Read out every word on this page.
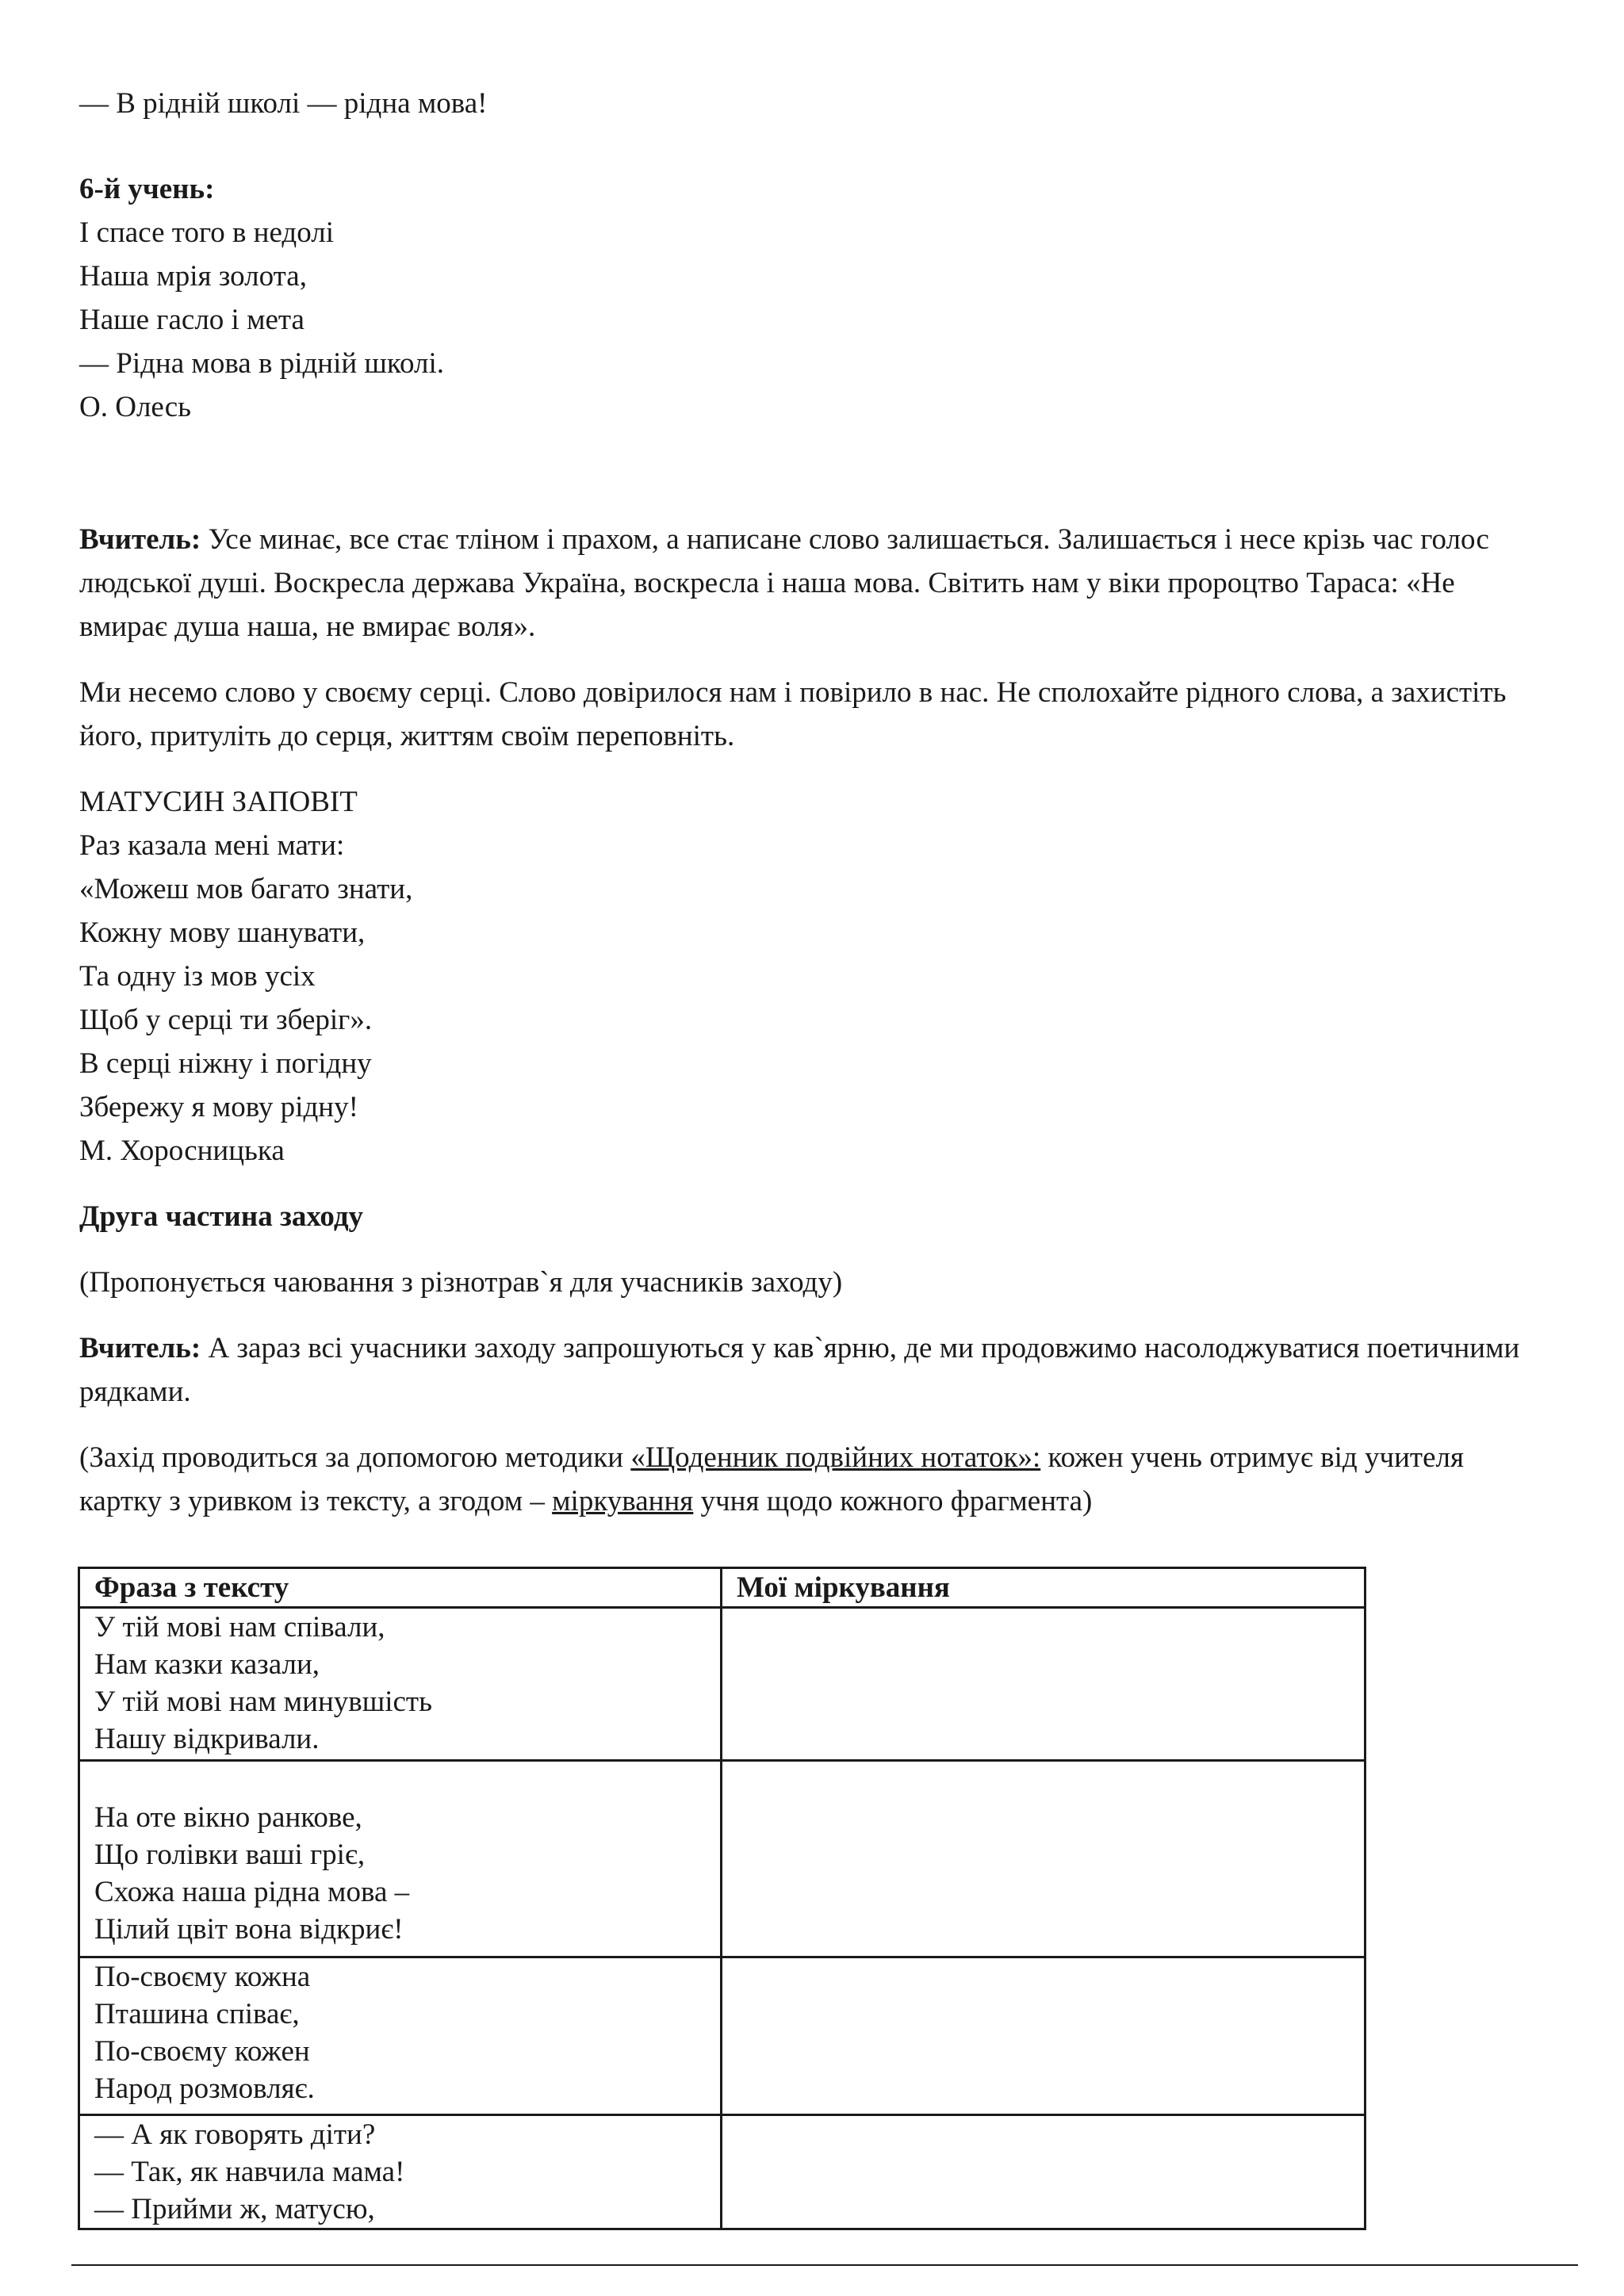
— В рідній школі — рідна мова!

6-й учень:

І спасе того в недолі

Наша мрія золота,

Наше гасло і мета

— Рідна мова в рідній школі.

О. Олесь

Вчитель: Усе минає, все стає тліном і прахом, а написане слово залишається. Залишається і несе крізь час голос людської душі. Воскресла держава Україна, воскресла і наша мова. Світить нам у віки пророцтво Тараса: «Не вмирає душа наша, не вмирає воля».

Ми несемо слово у своєму серці. Слово довірилося нам і повірило в нас. Не сполохайте рідного слова, а захистіть його, притуліть до серця, життям своїм переповніть.

МАТУСИН ЗАПОВІТ

Раз казала мені мати:

«Можеш мов багато знати,

Кожну мову шанувати,

Та одну із мов усіх

Щоб у серці ти зберіг».

В серці ніжну і погідну

Збережу я мову рідну!

М. Хоросницька

Друга частина заходу

(Пропонується чаювання з різнотрав`я для учасників заходу)

Вчитель: А зараз всі учасники заходу запрошуються у кав`ярню, де ми продовжимо насолоджуватися поетичними рядками.

(Захід проводиться за допомогою методики «Щоденник подвійних нотаток»: кожен учень отримує від учителя картку з уривком із тексту, а згодом – міркування учня щодо кожного фрагмента)

Фраза з тексту	Мої міркування

У тій мові нам співали,
Нам казки казали,
У тій мові нам минувшість
Нашу відкривали.	

На оте вікно ранкове,
Що голівки ваші гріє,
Схожа наша рідна мова –
Цілий цвіт вона відкриє!	

По-своєму кожна
Пташина співає,
По-своєму кожен
Народ розмовляє.	

— А як говорять діти?
— Так, як навчила мама!
— Прийми ж, матусю,	
